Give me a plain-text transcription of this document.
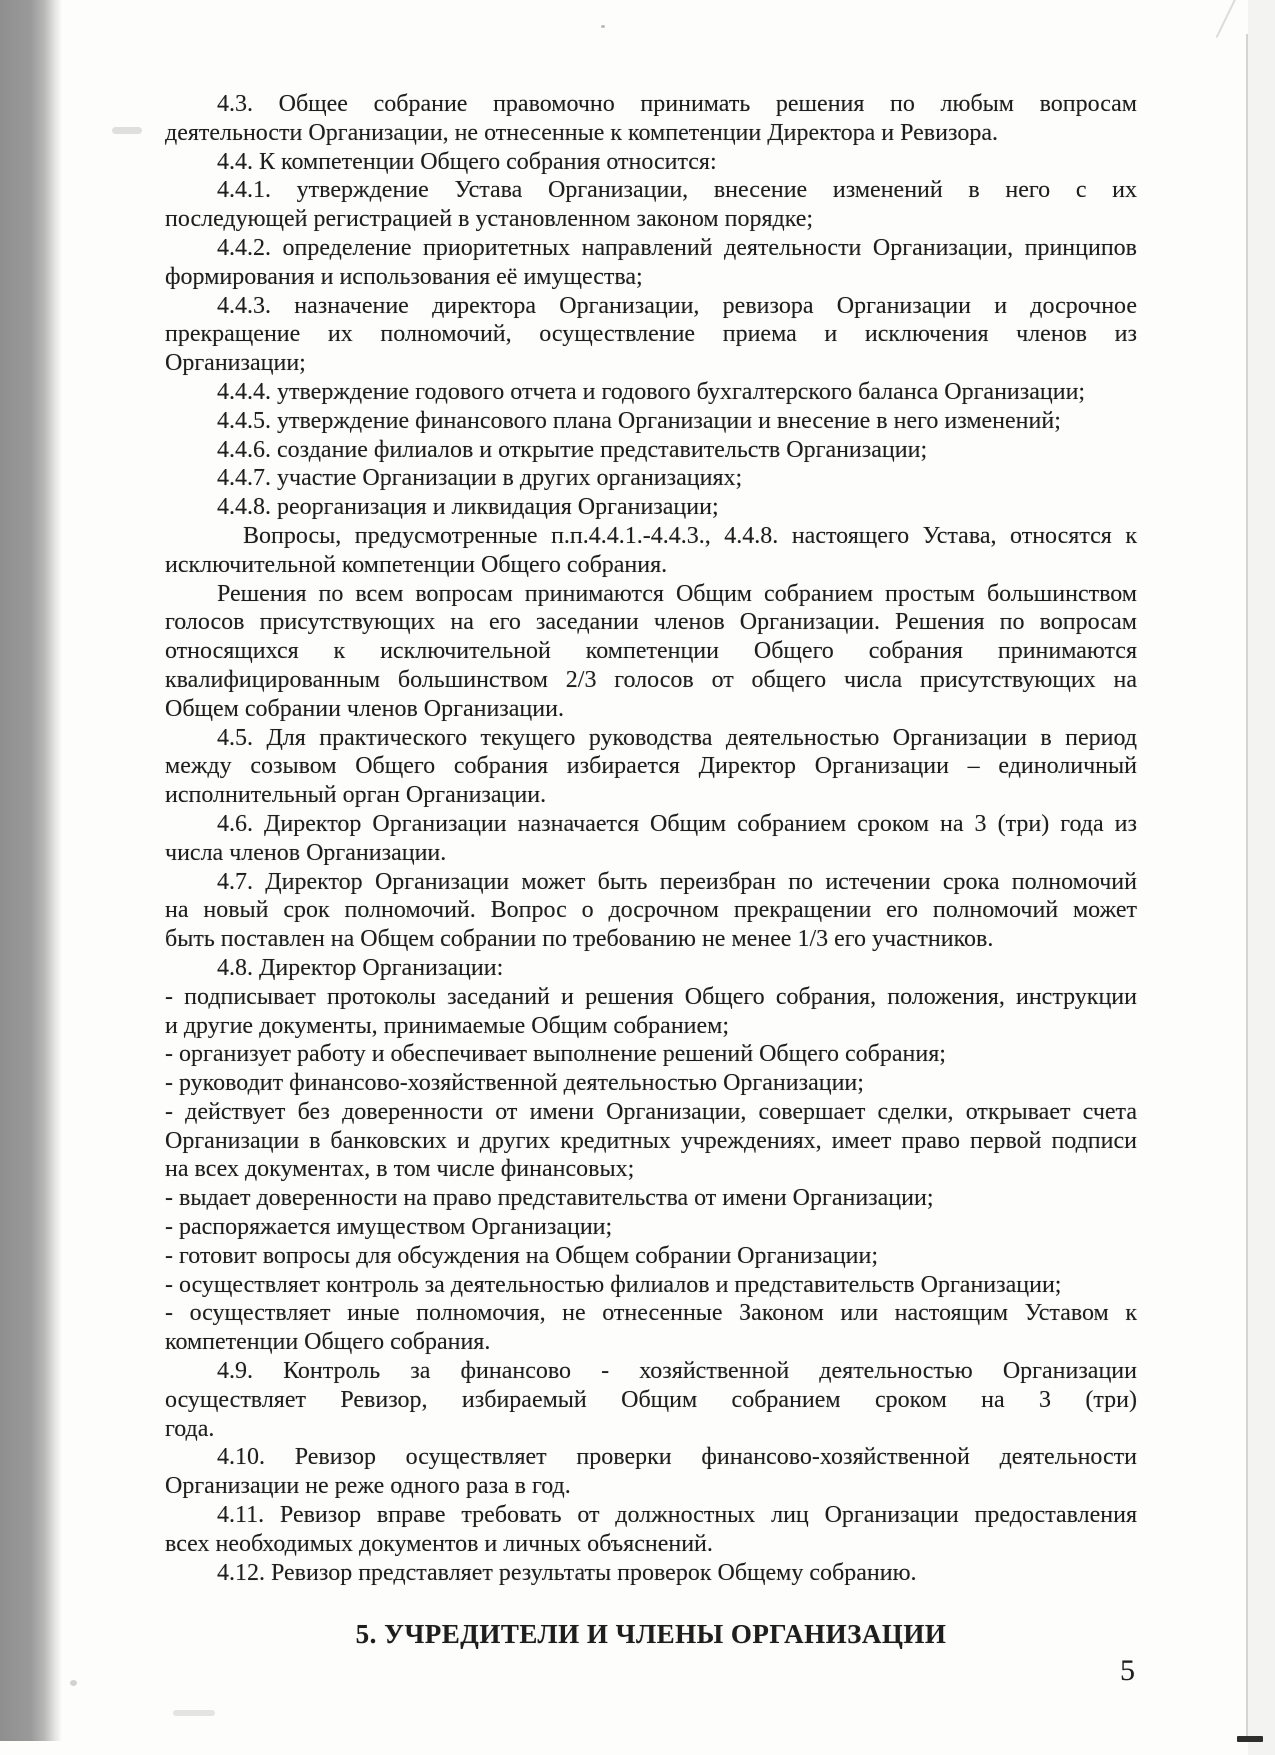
4.3. Общее собрание правомочно принимать решения по любым вопросам
деятельности Организации, не отнесенные к компетенции Директора и Ревизора.
4.4. К компетенции Общего собрания относится:
4.4.1. утверждение Устава Организации, внесение изменений в него с их
последующей регистрацией в установленном законом порядке;
4.4.2. определение приоритетных направлений деятельности Организации, принципов
формирования и использования её имущества;
4.4.3. назначение директора Организации, ревизора Организации и досрочное
прекращение их полномочий, осуществление приема и исключения членов из
Организации;
4.4.4. утверждение годового отчета и годового бухгалтерского баланса Организации;
4.4.5. утверждение финансового плана Организации и внесение в него изменений;
4.4.6. создание филиалов и открытие представительств Организации;
4.4.7. участие Организации в других организациях;
4.4.8. реорганизация и ликвидация Организации;
Вопросы, предусмотренные п.п.4.4.1.-4.4.3., 4.4.8. настоящего Устава, относятся к
исключительной компетенции Общего собрания.
Решения по всем вопросам принимаются Общим собранием простым большинством
голосов присутствующих на его заседании членов Организации. Решения по вопросам
относящихся к исключительной компетенции Общего собрания принимаются
квалифицированным большинством 2/3 голосов от общего числа присутствующих на
Общем собрании членов Организации.
4.5. Для практического текущего руководства деятельностью Организации в период
между созывом Общего собрания избирается Директор Организации – единоличный
исполнительный орган Организации.
4.6. Директор Организации назначается Общим собранием сроком на 3 (три) года из
числа членов Организации.
4.7. Директор Организации может быть переизбран по истечении срока полномочий
на новый срок полномочий. Вопрос о досрочном прекращении его полномочий может
быть поставлен на Общем собрании по требованию не менее 1/3 его участников.
4.8. Директор Организации:
- подписывает протоколы заседаний и решения Общего собрания, положения, инструкции
и другие документы, принимаемые Общим собранием;
- организует работу и обеспечивает выполнение решений Общего собрания;
- руководит финансово-хозяйственной деятельностью Организации;
- действует без доверенности от имени Организации, совершает сделки, открывает счета
Организации в банковских и других кредитных учреждениях, имеет право первой подписи
на всех документах, в том числе финансовых;
- выдает доверенности на право представительства от имени Организации;
- распоряжается имуществом Организации;
- готовит вопросы для обсуждения на Общем собрании Организации;
- осуществляет контроль за деятельностью филиалов и представительств Организации;
- осуществляет иные полномочия, не отнесенные Законом или настоящим Уставом к
компетенции Общего собрания.
4.9. Контроль за финансово - хозяйственной деятельностью Организации
осуществляет Ревизор, избираемый Общим собранием сроком на 3 (три)
года.
4.10. Ревизор осуществляет проверки финансово-хозяйственной деятельности
Организации не реже одного раза в год.
4.11. Ревизор вправе требовать от должностных лиц Организации предоставления
всех необходимых документов и личных объяснений.
4.12. Ревизор представляет результаты проверок Общему собранию.
5. УЧРЕДИТЕЛИ И ЧЛЕНЫ ОРГАНИЗАЦИИ
5
